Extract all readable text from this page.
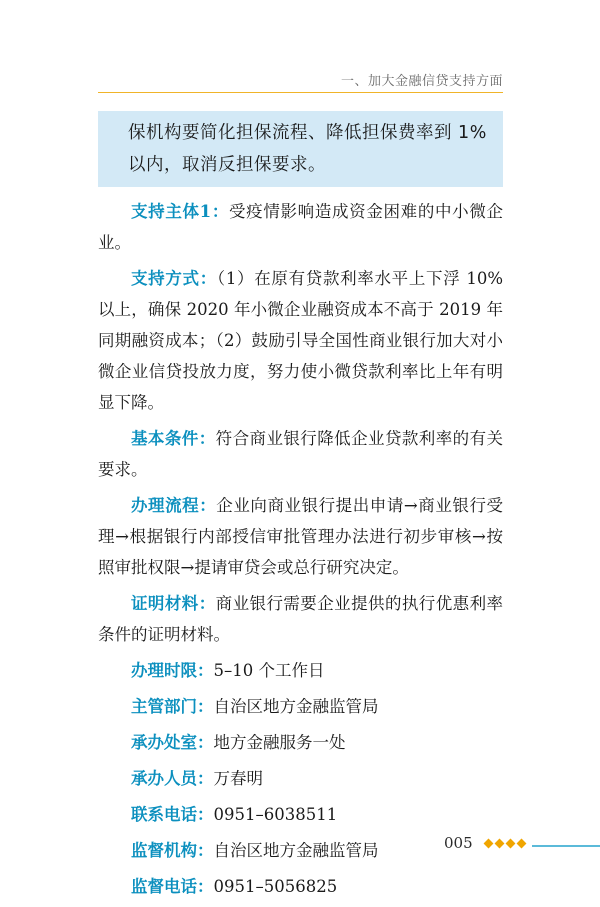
一、加大金融信贷支持方面
保机构要简化担保流程、降低担保费率到 1% 以内，取消反担保要求。

支持主体1：受疫情影响造成资金困难的中小微企业。

支持方式：（1）在原有贷款利率水平上下浮 10% 以上，确保 2020 年小微企业融资成本不高于 2019 年同期融资成本；（2）鼓励引导全国性商业银行加大对小微企业信贷投放力度，努力使小微贷款利率比上年有明显下降。

基本条件：符合商业银行降低企业贷款利率的有关要求。

办理流程：企业向商业银行提出申请→商业银行受理→根据银行内部授信审批管理办法进行初步审核→按照审批权限→提请审贷会或总行研究决定。

证明材料：商业银行需要企业提供的执行优惠利率条件的证明材料。

办理时限：5–10 个工作日

主管部门：自治区地方金融监管局

承办处室：地方金融服务一处

承办人员：万春明

联系电话：0951–6038511

监督机构：自治区地方金融监管局

监督电话：0951–5056825

005
